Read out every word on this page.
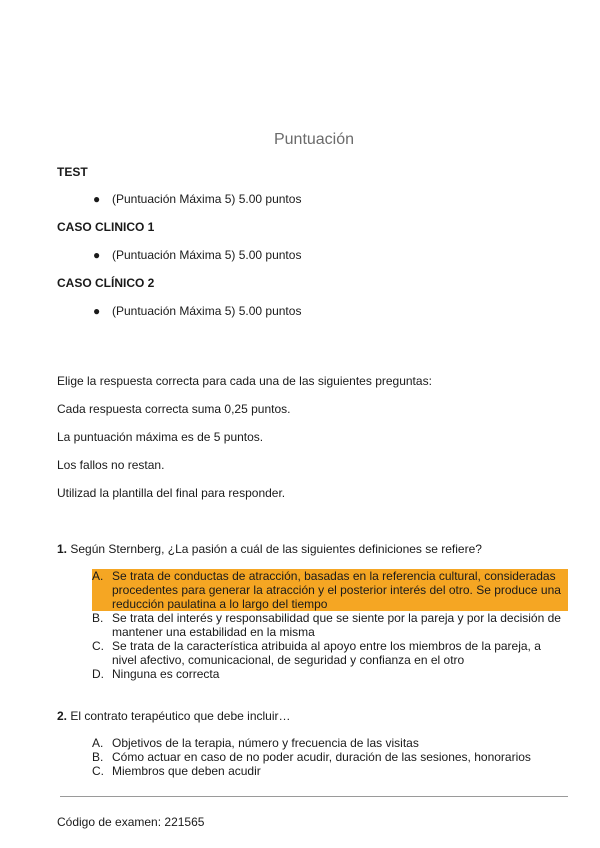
Puntuación
TEST
● (Puntuación Máxima 5) 5.00 puntos
CASO CLINICO 1
● (Puntuación Máxima 5) 5.00 puntos
CASO CLÍNICO 2
● (Puntuación Máxima 5) 5.00 puntos
Elige la respuesta correcta para cada una de las siguientes preguntas:
Cada respuesta correcta suma 0,25 puntos.
La puntuación máxima es de 5 puntos.
Los fallos no restan.
Utilizad la plantilla del final para responder.
1. Según Sternberg, ¿La pasión a cuál de las siguientes definiciones se refiere?
A. Se trata de conductas de atracción, basadas en la referencia cultural, consideradas procedentes para generar la atracción y el posterior interés del otro. Se produce una reducción paulatina a lo largo del tiempo
B. Se trata del interés y responsabilidad que se siente por la pareja y por la decisión de mantener una estabilidad en la misma
C. Se trata de la característica atribuida al apoyo entre los miembros de la pareja, a nivel afectivo, comunicacional, de seguridad y confianza en el otro
D. Ninguna es correcta
2. El contrato terapéutico que debe incluir…
A. Objetivos de la terapia, número y frecuencia de las visitas
B. Cómo actuar en caso de no poder acudir, duración de las sesiones, honorarios
C. Miembros que deben acudir
Código de examen: 221565
